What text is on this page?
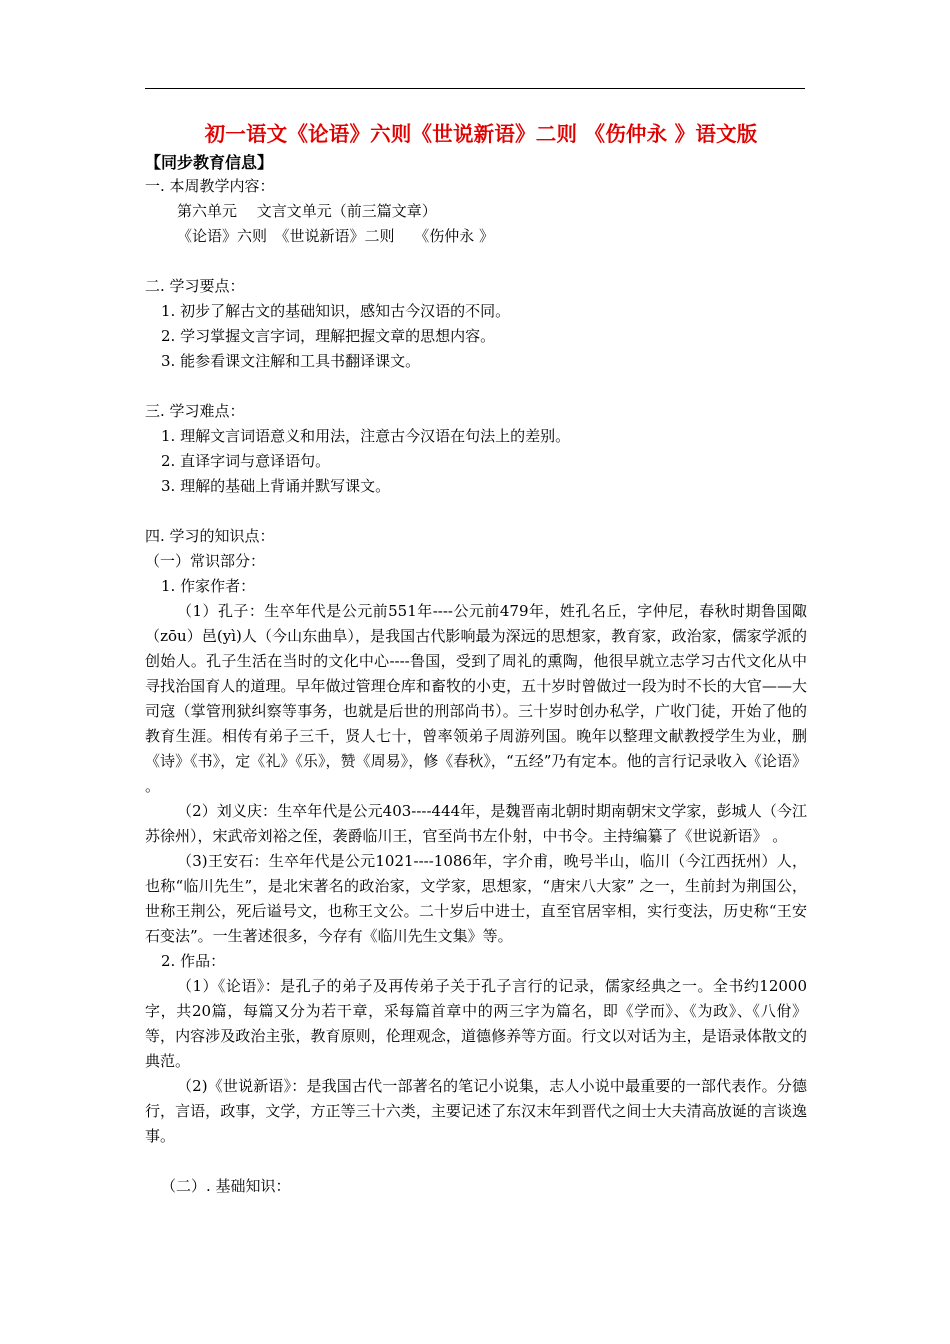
初一语文《论语》六则《世说新语》二则 《伤仲永 》语文版
【同步教育信息】
一. 本周教学内容：
第六单元　 文言文单元（前三篇文章）
《论语》六则　《世说新语》二则　 《伤仲永 》
二. 学习要点：
1. 初步了解古文的基础知识，感知古今汉语的不同。
2. 学习掌握文言字词，理解把握文章的思想内容。
3. 能参看课文注解和工具书翻译课文。
三. 学习难点：
1. 理解文言词语意义和用法，注意古今汉语在句法上的差别。
2. 直译字词与意译语句。
3. 理解的基础上背诵并默写课文。
四. 学习的知识点：
（一）常识部分：
1. 作家作者：
（1）孔子：生卒年代是公元前551年----公元前479年，姓孔名丘，字仲尼，春秋时期鲁国陬（zōu）邑(yì)人（今山东曲阜），是我国古代影响最为深远的思想家，教育家，政治家，儒家学派的创始人。孔子生活在当时的文化中心----鲁国，受到了周礼的熏陶，他很早就立志学习古代文化从中寻找治国育人的道理。早年做过管理仓库和畜牧的小吏，五十岁时曾做过一段为时不长的大官——大司寇（掌管刑狱纠察等事务，也就是后世的刑部尚书）。三十岁时创办私学，广收门徒，开始了他的教育生涯。相传有弟子三千，贤人七十，曾率领弟子周游列国。晚年以整理文献教授学生为业，删《诗》《书》，定《礼》《乐》，赞《周易》，修《春秋》，“五经”乃有定本。他的言行记录收入《论语》 。
（2）刘义庆：生卒年代是公元403----444年，是魏晋南北朝时期南朝宋文学家，彭城人（今江苏徐州），宋武帝刘裕之侄，袭爵临川王，官至尚书左仆射，中书令。主持编纂了《世说新语》 。
（3)王安石：生卒年代是公元1021----1086年，字介甫，晚号半山，临川（今江西抚州）人，也称“临川先生”，是北宋著名的政治家，文学家，思想家，“唐宋八大家” 之一，生前封为荆国公，世称王荆公，死后谥号文，也称王文公。二十岁后中进士，直至官居宰相，实行变法，历史称“王安石变法”。一生著述很多，今存有《临川先生文集》等。
2. 作品：
（1）《论语》：是孔子的弟子及再传弟子关于孔子言行的记录，儒家经典之一。全书约12000字，共20篇，每篇又分为若干章，采每篇首章中的两三字为篇名，即《学而》、《为政》、《八佾》等，内容涉及政治主张，教育原则，伦理观念，道德修养等方面。行文以对话为主，是语录体散文的典范。
（2)《世说新语》：是我国古代一部著名的笔记小说集，志人小说中最重要的一部代表作。分德行，言语，政事，文学，方正等三十六类，主要记述了东汉末年到晋代之间士大夫清高放诞的言谈逸事。
（二）. 基础知识：
